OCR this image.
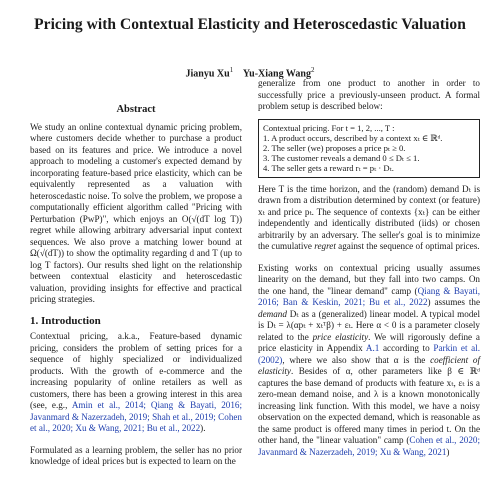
Pricing with Contextual Elasticity and Heteroscedastic Valuation
Jianyu Xu$^1$ Yu-Xiang Wang$^2$
Abstract

We study an online contextual dynamic pricing problem, where customers decide whether to purchase a product based on its features and price. We introduce a novel approach to modeling a customer's expected demand by incorporating feature-based price elasticity, which can be equivalently represented as a valuation with heteroscedastic noise. To solve the problem, we propose a computationally efficient algorithm called "Pricing with Perturbation (PwP)", which enjoys an O(√(dT log T)) regret while allowing arbitrary adversarial input context sequences. We also prove a matching lower bound at Ω(√(dT)) to show the optimality regarding d and T (up to log T factors). Our results shed light on the relationship between contextual elasticity and heteroscedastic valuation, providing insights for effective and practical pricing strategies.

1. Introduction

Contextual pricing, a.k.a., Feature-based dynamic pricing, considers the problem of setting prices for a sequence of highly specialized or individualized products. With the growth of e-commerce and the increasing popularity of online retailers as well as customers, there has been a growing interest in this area (see, e.g., Amin et al., 2014; Qiang & Bayati, 2016; Javanmard & Nazerzadeh, 2019; Shah et al., 2019; Cohen et al., 2020; Xu & Wang, 2021; Bu et al., 2022).

Formulated as a learning problem, the seller has no prior knowledge of ideal prices but is expected to learn on the

generalize from one product to another in order to successfully price a previously-unseen product. A formal problem setup is described below:

Contextual pricing. For t = 1, 2, ..., T :
1. A product occurs, described by a context xₜ ∈ ℝᵈ.
2. The seller (we) proposes a price pₜ ≥ 0.
3. The customer reveals a demand 0 ≤ Dₜ ≤ 1.
4. The seller gets a reward rₜ = pₜ · Dₜ.

Here T is the time horizon, and the (random) demand Dₜ is drawn from a distribution determined by context (or feature) xₜ and price pₜ. The sequence of contexts {xₜ} can be either independently and identically distributed (iids) or chosen arbitrarily by an adversary. The seller's goal is to minimize the cumulative regret against the sequence of optimal prices.

Existing works on contextual pricing usually assumes linearity on the demand, but they fall into two camps. On the one hand, the "linear demand" camp (Qiang & Bayati, 2016; Ban & Keskin, 2021; Bu et al., 2022) assumes the demand Dₜ as a (generalized) linear model. A typical model is Dₜ = λ(αpₜ + xₜᵀβ) + εₜ. Here α < 0 is a parameter closely related to the price elasticity. We will rigorously define a price elasticity in Appendix A.1 according to Parkin et al. (2002), where we also show that α is the coefficient of elasticity. Besides of α, other parameters like β ∈ ℝᵈ captures the base demand of products with feature xₜ, εₜ is a zero-mean demand noise, and λ is a known monotonically increasing link function. With this model, we have a noisy observation on the expected demand, which is reasonable as the same product is offered many times in period t. On the other hand, the "linear valuation" camp (Cohen et al., 2020; Javanmard & Nazerzadeh, 2019; Xu & Wang, 2021)
